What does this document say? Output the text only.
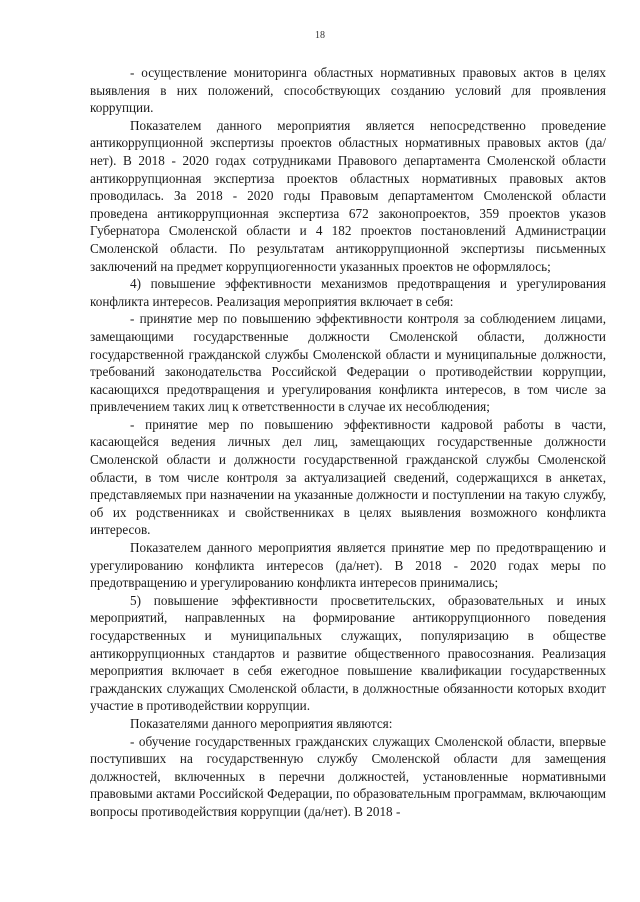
18

- осуществление мониторинга областных нормативных правовых актов в целях выявления в них положений, способствующих созданию условий для проявления коррупции.

Показателем данного мероприятия является непосредственно проведение антикоррупционной экспертизы проектов областных нормативных правовых актов (да/нет). В 2018 - 2020 годах сотрудниками Правового департамента Смоленской области антикоррупционная экспертиза проектов областных нормативных правовых актов проводилась. За 2018 - 2020 годы Правовым департаментом Смоленской области проведена антикоррупционная экспертиза 672 законопроектов, 359 проектов указов Губернатора Смоленской области и 4 182 проектов постановлений Администрации Смоленской области. По результатам антикоррупционной экспертизы письменных заключений на предмет коррупциогенности указанных проектов не оформлялось;

4) повышение эффективности механизмов предотвращения и урегулирования конфликта интересов. Реализация мероприятия включает в себя:

- принятие мер по повышению эффективности контроля за соблюдением лицами, замещающими государственные должности Смоленской области, должности государственной гражданской службы Смоленской области и муниципальные должности, требований законодательства Российской Федерации о противодействии коррупции, касающихся предотвращения и урегулирования конфликта интересов, в том числе за привлечением таких лиц к ответственности в случае их несоблюдения;

- принятие мер по повышению эффективности кадровой работы в части, касающейся ведения личных дел лиц, замещающих государственные должности Смоленской области и должности государственной гражданской службы Смоленской области, в том числе контроля за актуализацией сведений, содержащихся в анкетах, представляемых при назначении на указанные должности и поступлении на такую службу, об их родственниках и свойственниках в целях выявления возможного конфликта интересов.

Показателем данного мероприятия является принятие мер по предотвращению и урегулированию конфликта интересов (да/нет). В 2018 - 2020 годах меры по предотвращению и урегулированию конфликта интересов принимались;

5) повышение эффективности просветительских, образовательных и иных мероприятий, направленных на формирование антикоррупционного поведения государственных и муниципальных служащих, популяризацию в обществе антикоррупционных стандартов и развитие общественного правосознания. Реализация мероприятия включает в себя ежегодное повышение квалификации государственных гражданских служащих Смоленской области, в должностные обязанности которых входит участие в противодействии коррупции.

Показателями данного мероприятия являются:

- обучение государственных гражданских служащих Смоленской области, впервые поступивших на государственную службу Смоленской области для замещения должностей, включенных в перечни должностей, установленные нормативными правовыми актами Российской Федерации, по образовательным программам, включающим вопросы противодействия коррупции (да/нет). В 2018 -
